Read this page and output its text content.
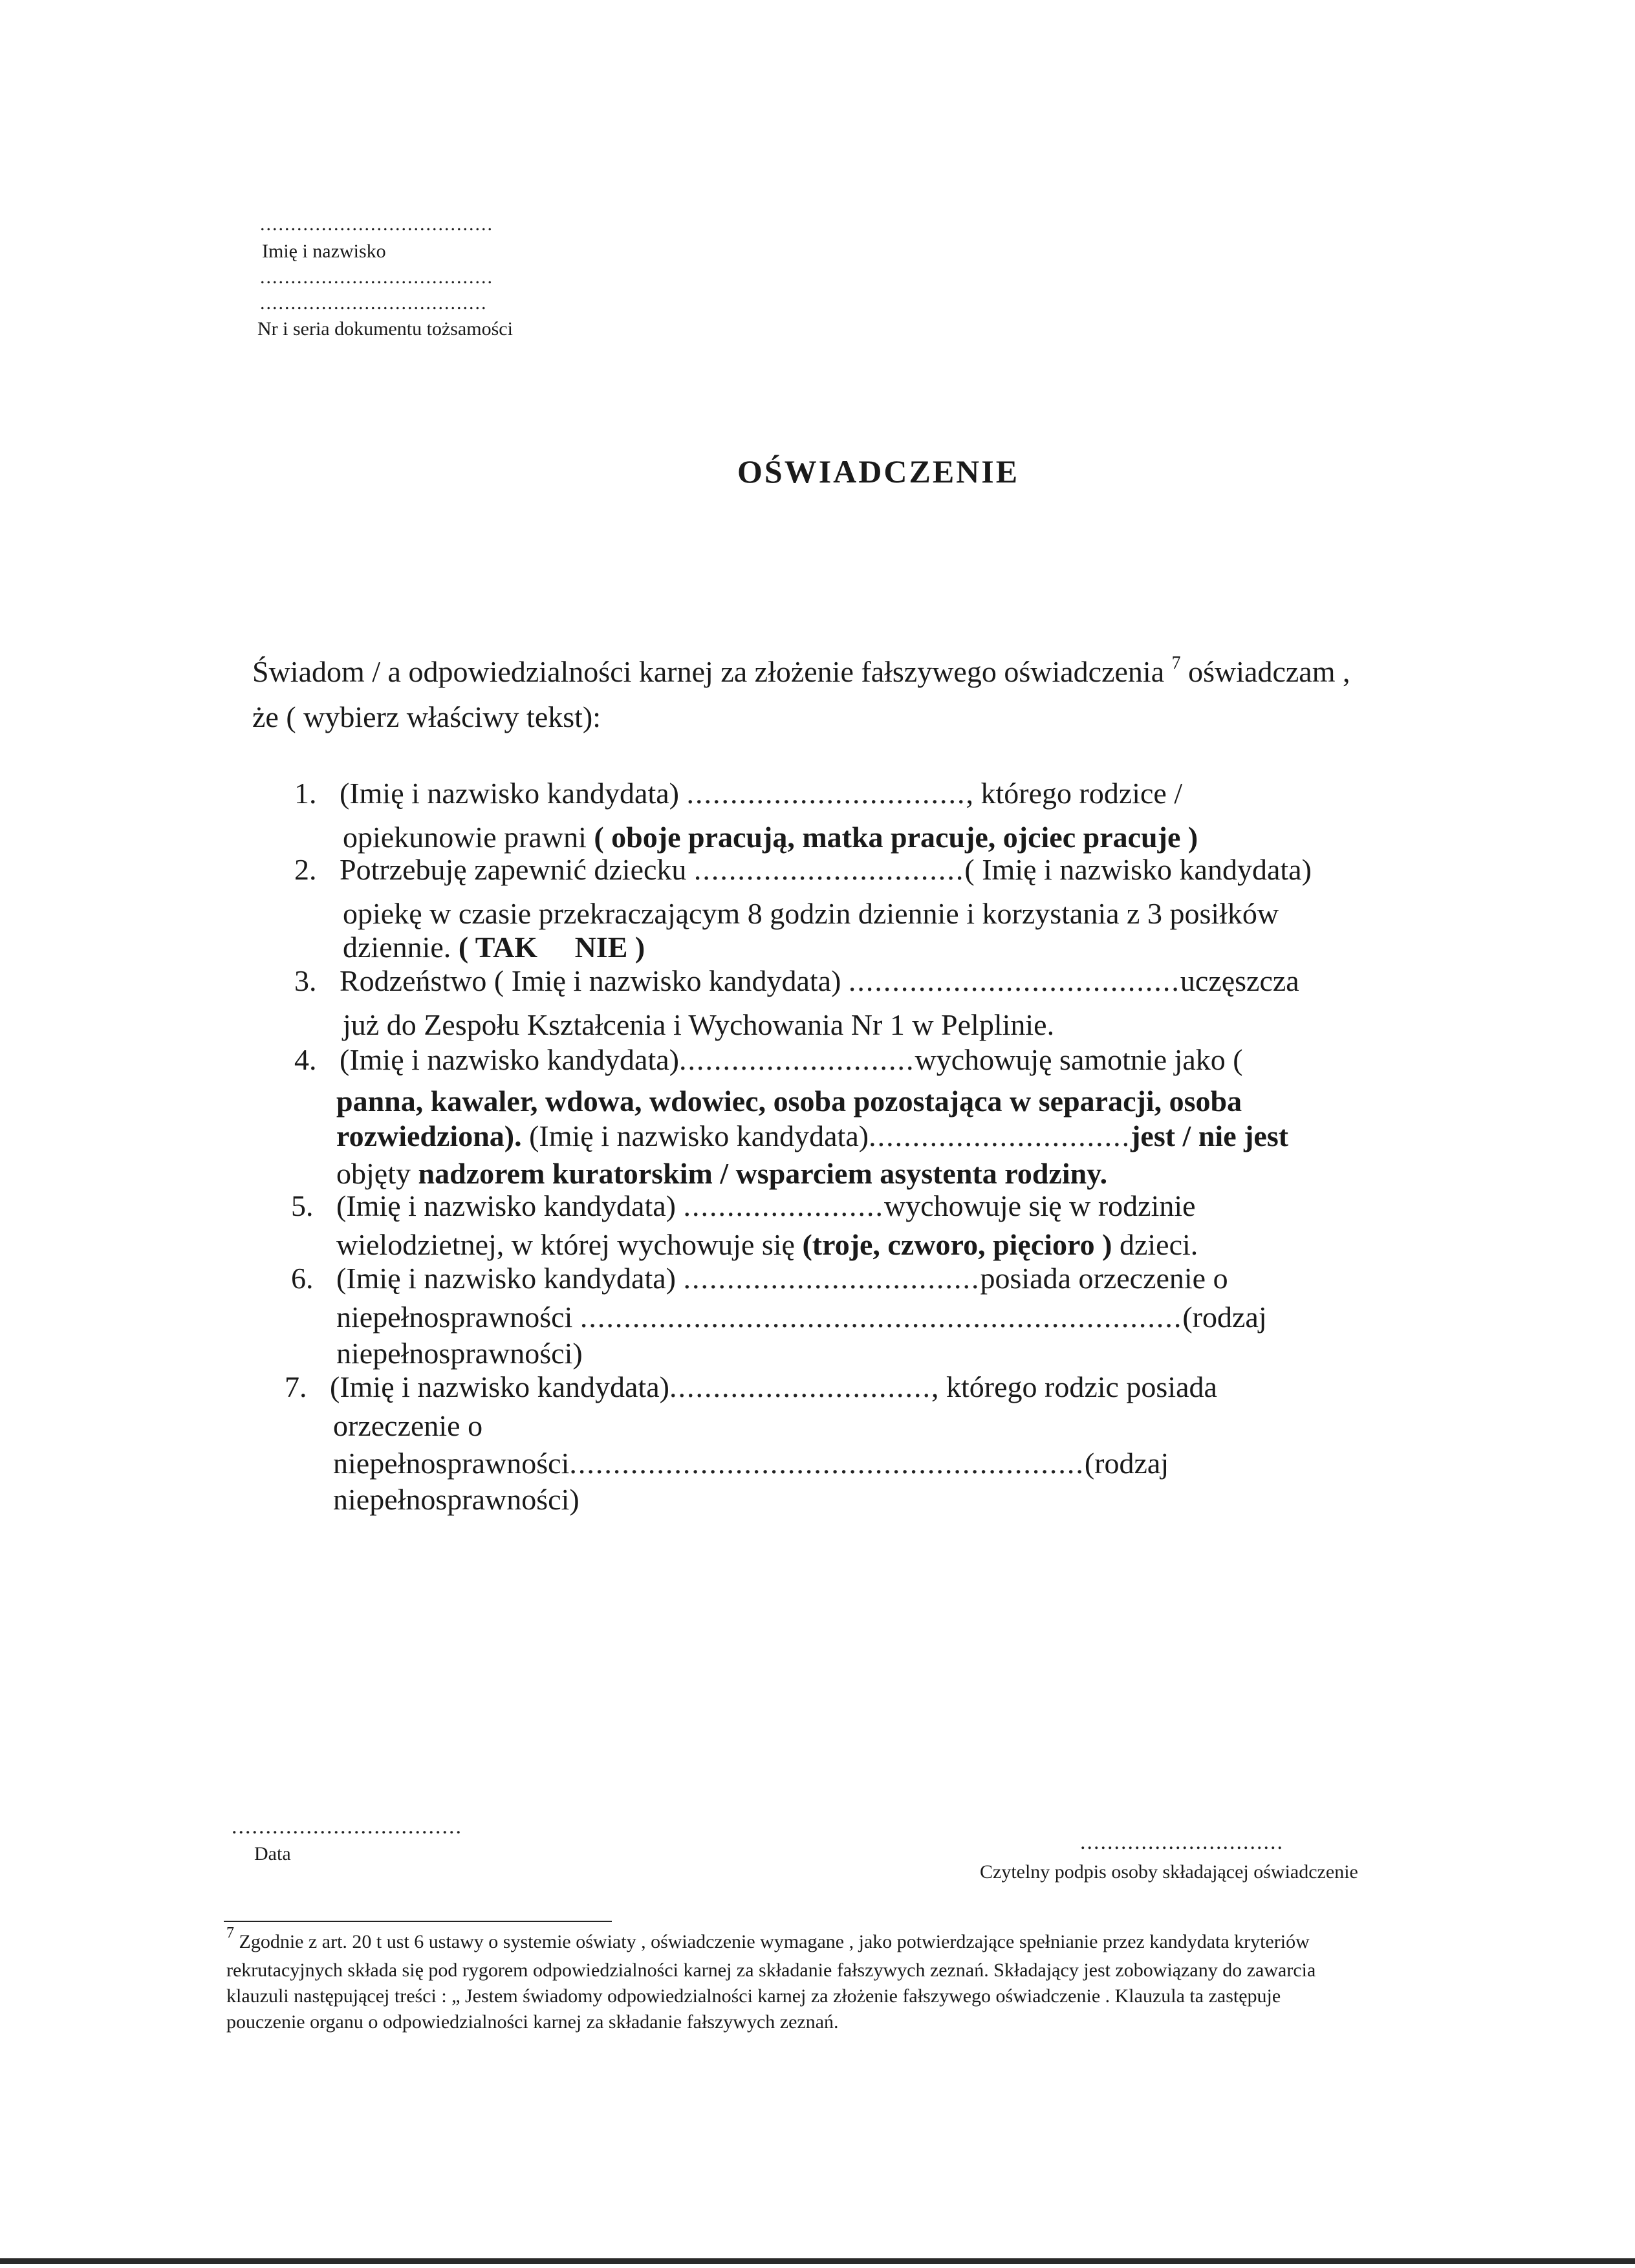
......................................
Imię i nazwisko
......................................
.....................................
Nr i seria dokumentu tożsamości
OŚWIADCZENIE
Świadom / a odpowiedzialności karnej za złożenie fałszywego oświadczenia $^7$ oświadczam ,
że ( wybierz właściwy tekst):
1. (Imię i nazwisko kandydata) ................................, którego rodzice /
opiekunowie prawni ( oboje pracują, matka pracuje, ojciec pracuje )
2. Potrzebuję zapewnić dziecku ...............................( Imię i nazwisko kandydata)
opiekę w czasie przekraczającym 8 godzin dziennie i korzystania z 3 posiłków
dziennie. ( TAK     NIE )
3. Rodzeństwo ( Imię i nazwisko kandydata) ......................................uczęszcza
już do Zespołu Kształcenia i Wychowania Nr 1 w Pelplinie.
4. (Imię i nazwisko kandydata)...........................wychowuję samotnie jako (
panna, kawaler, wdowa, wdowiec, osoba pozostająca w separacji, osoba
rozwiedziona). (Imię i nazwisko kandydata)..............................jest / nie jest
objęty nadzorem kuratorskim / wsparciem asystenta rodziny.
5. (Imię i nazwisko kandydata) .......................wychowuje się w rodzinie
wielodzietnej, w której wychowuje się (troje, czworo, pięcioro ) dzieci.
6. (Imię i nazwisko kandydata) ..................................posiada orzeczenie o
niepełnosprawności .....................................................................(rodzaj
niepełnosprawności)
7. (Imię i nazwisko kandydata).............................., którego rodzic posiada
orzeczenie o
niepełnosprawności...........................................................(rodzaj
niepełnosprawności)
..................................
Data	..............................
Czytelny podpis osoby składającej oświadczenie
$^7$ Zgodnie z art. 20 t ust 6 ustawy o systemie oświaty , oświadczenie wymagane , jako potwierdzające spełnianie przez kandydata kryteriów
rekrutacyjnych składa się pod rygorem odpowiedzialności karnej za składanie fałszywych zeznań. Składający jest zobowiązany do zawarcia
klauzuli następującej treści : „ Jestem świadomy odpowiedzialności karnej za złożenie fałszywego oświadczenie . Klauzula ta zastępuje
pouczenie organu o odpowiedzialności karnej za składanie fałszywych zeznań.
